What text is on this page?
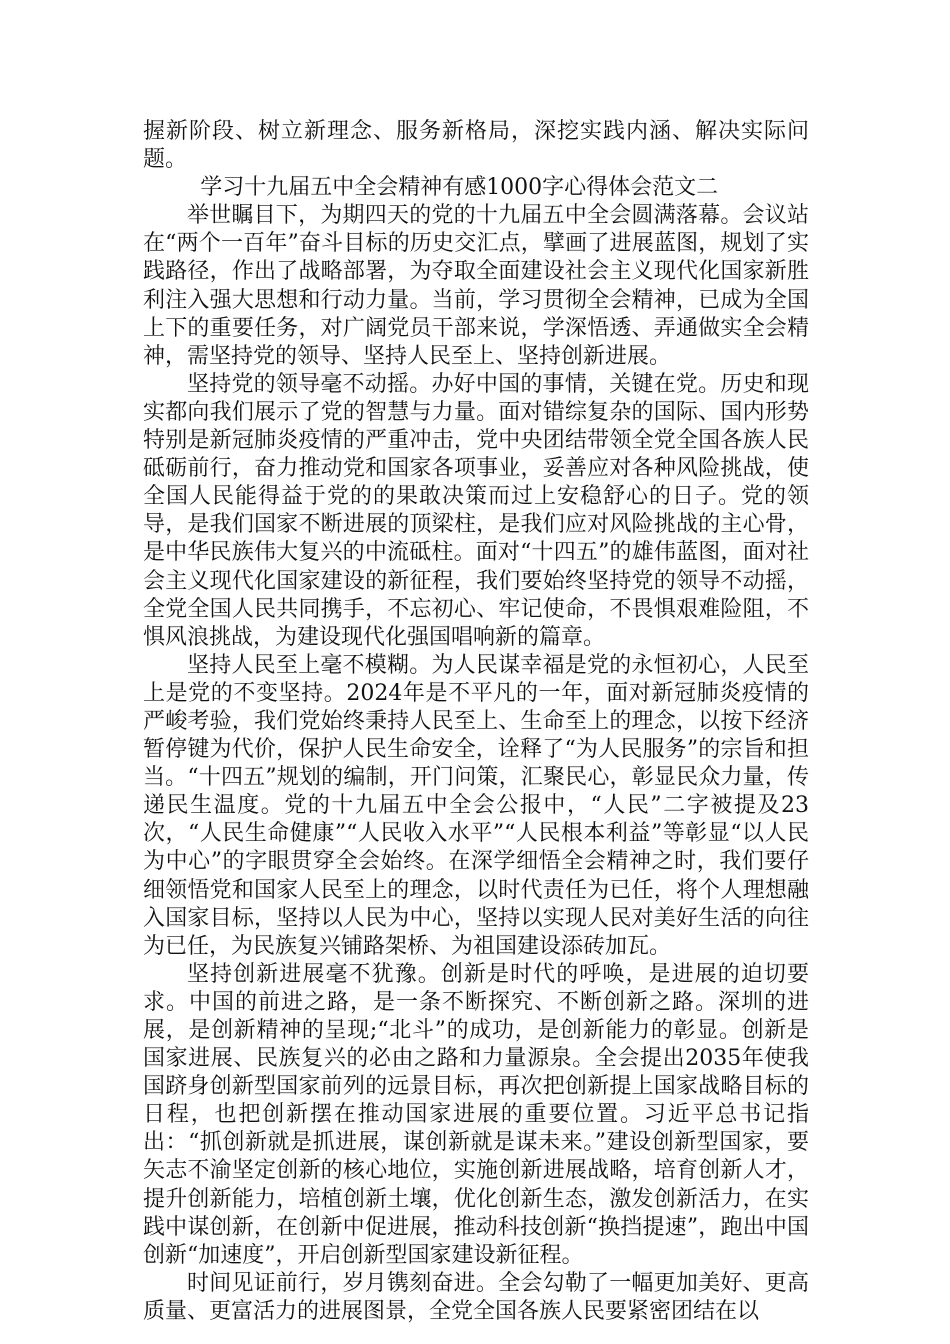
握新阶段、树立新理念、服务新格局，深挖实践内涵、解决实际问题。

学习十九届五中全会精神有感1000字心得体会范文二

举世瞩目下，为期四天的党的十九届五中全会圆满落幕。会议站在“两个一百年”奋斗目标的历史交汇点，擘画了进展蓝图，规划了实践路径，作出了战略部署，为夺取全面建设社会主义现代化国家新胜利注入强大思想和行动力量。当前，学习贯彻全会精神，已成为全国上下的重要任务，对广阔党员干部来说，学深悟透、弄通做实全会精神，需坚持党的领导、坚持人民至上、坚持创新进展。

坚持党的领导毫不动摇。办好中国的事情，关键在党。历史和现实都向我们展示了党的智慧与力量。面对错综复杂的国际、国内形势特别是新冠肺炎疫情的严重冲击，党中央团结带领全党全国各族人民砥砺前行，奋力推动党和国家各项事业，妥善应对各种风险挑战，使全国人民能得益于党的的果敢决策而过上安稳舒心的日子。党的领导，是我们国家不断进展的顶梁柱，是我们应对风险挑战的主心骨，是中华民族伟大复兴的中流砥柱。面对“十四五”的雄伟蓝图，面对社会主义现代化国家建设的新征程，我们要始终坚持党的领导不动摇，全党全国人民共同携手，不忘初心、牢记使命，不畏惧艰难险阻，不惧风浪挑战，为建设现代化强国唱响新的篇章。

坚持人民至上毫不模糊。为人民谋幸福是党的永恒初心，人民至上是党的不变坚持。2024年是不平凡的一年，面对新冠肺炎疫情的严峻考验，我们党始终秉持人民至上、生命至上的理念，以按下经济暂停键为代价，保护人民生命安全，诠释了“为人民服务”的宗旨和担当。“十四五”规划的编制，开门问策，汇聚民心，彰显民众力量，传递民生温度。党的十九届五中全会公报中，“人民”二字被提及23次，“人民生命健康”“人民收入水平”“人民根本利益”等彰显“以人民为中心”的字眼贯穿全会始终。在深学细悟全会精神之时，我们要仔细领悟党和国家人民至上的理念，以时代责任为已任，将个人理想融入国家目标，坚持以人民为中心，坚持以实现人民对美好生活的向往为已任，为民族复兴铺路架桥、为祖国建设添砖加瓦。

坚持创新进展毫不犹豫。创新是时代的呼唤，是进展的迫切要求。中国的前进之路，是一条不断探究、不断创新之路。深圳的进展，是创新精神的呈现;“北斗”的成功，是创新能力的彰显。创新是国家进展、民族复兴的必由之路和力量源泉。全会提出2035年使我国跻身创新型国家前列的远景目标，再次把创新提上国家战略目标的日程，也把创新摆在推动国家进展的重要位置。习近平总书记指出：“抓创新就是抓进展，谋创新就是谋未来。”建设创新型国家，要矢志不渝坚定创新的核心地位，实施创新进展战略，培育创新人才，提升创新能力，培植创新土壤，优化创新生态，激发创新活力，在实践中谋创新，在创新中促进展，推动科技创新“换挡提速”，跑出中国创新“加速度”，开启创新型国家建设新征程。

时间见证前行，岁月镌刻奋进。全会勾勒了一幅更加美好、更高质量、更富活力的进展图景，全党全国各族人民要紧密团结在以
